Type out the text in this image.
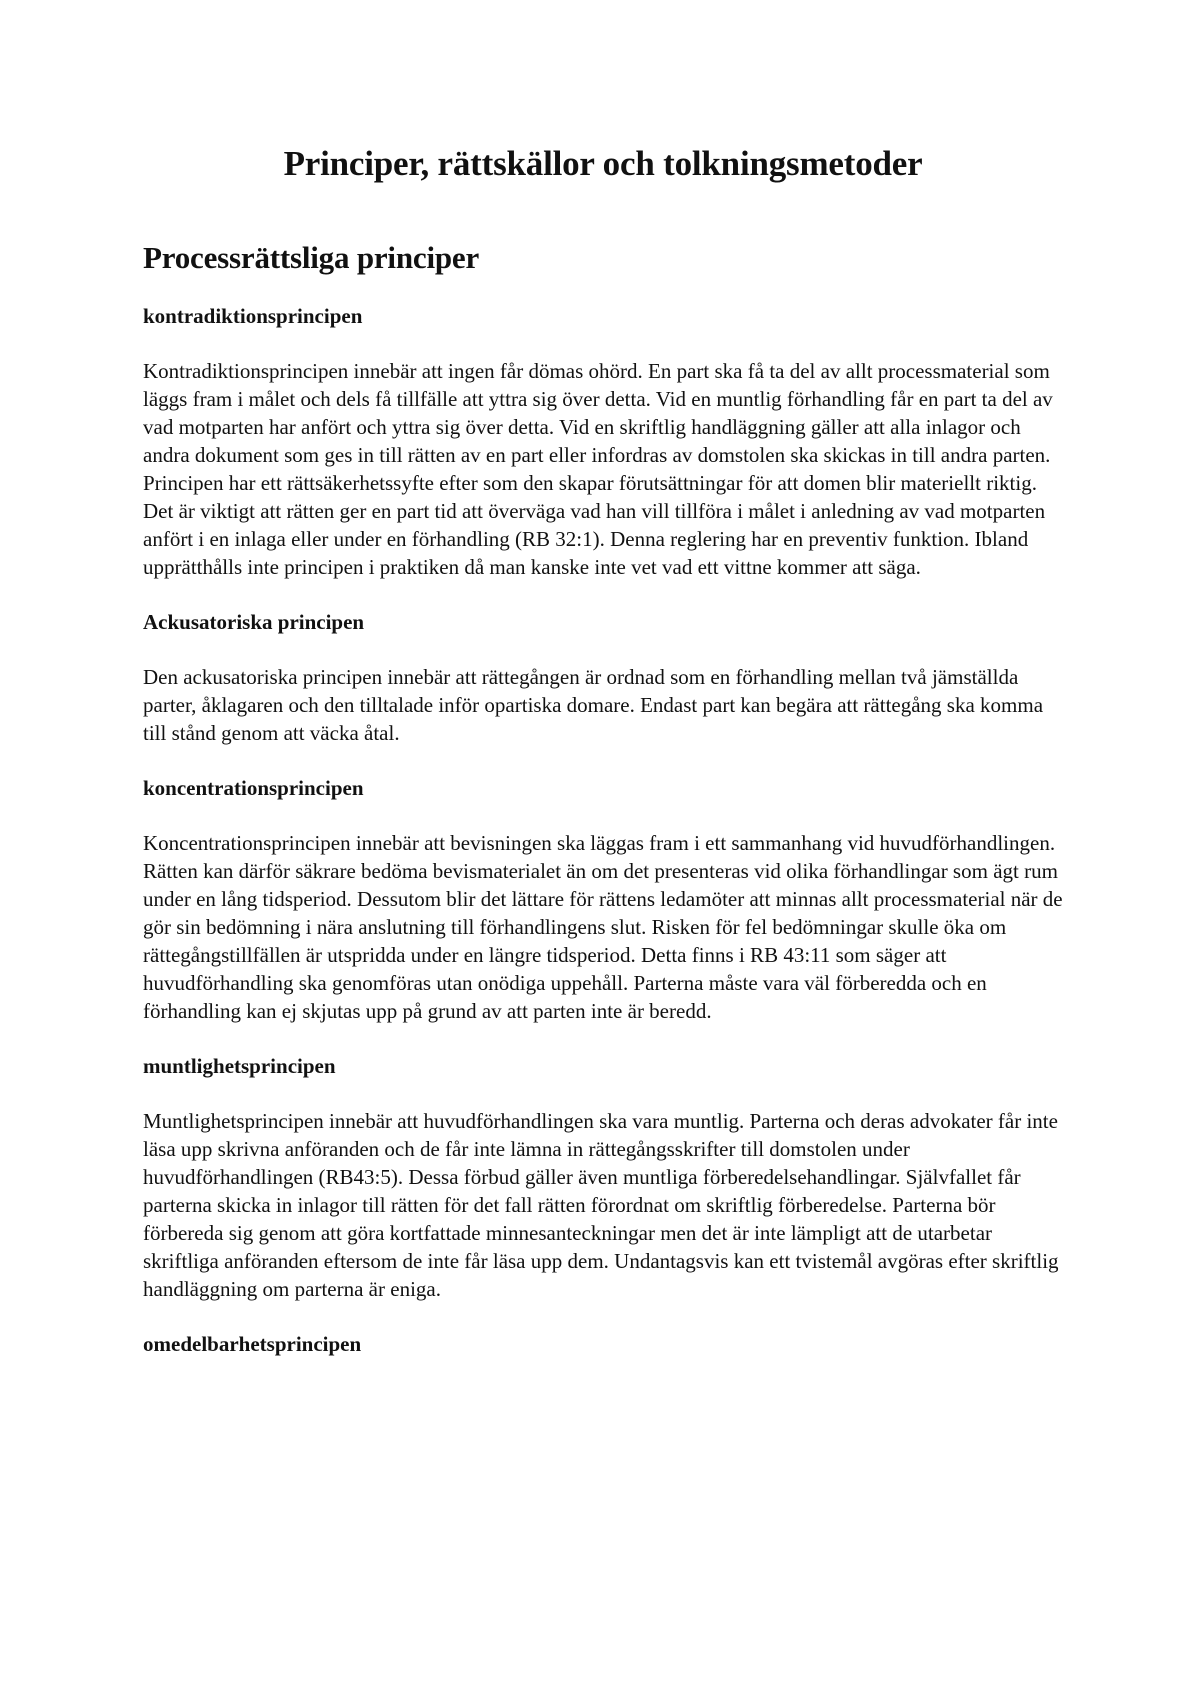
Principer, rättskällor och tolkningsmetoder
Processrättsliga principer

kontradiktionsprincipen

Kontradiktionsprincipen innebär att ingen får dömas ohörd. En part ska få ta del av allt processmaterial som läggs fram i målet och dels få tillfälle att yttra sig över detta. Vid en muntlig förhandling får en part ta del av vad motparten har anfört och yttra sig över detta. Vid en skriftlig handläggning gäller att alla inlagor och andra dokument som ges in till rätten av en part eller infordras av domstolen ska skickas in till andra parten. Principen har ett rättsäkerhetssyfte efter som den skapar förutsättningar för att domen blir materiellt riktig. Det är viktigt att rätten ger en part tid att överväga vad han vill tillföra i målet i anledning av vad motparten anfört i en inlaga eller under en förhandling (RB 32:1). Denna reglering har en preventiv funktion. Ibland upprätthålls inte principen i praktiken då man kanske inte vet vad ett vittne kommer att säga.

Ackusatoriska principen

Den ackusatoriska principen innebär att rättegången är ordnad som en förhandling mellan två jämställda parter, åklagaren och den tilltalade inför opartiska domare. Endast part kan begära att rättegång ska komma till stånd genom att väcka åtal.

koncentrationsprincipen

Koncentrationsprincipen innebär att bevisningen ska läggas fram i ett sammanhang vid huvudförhandlingen. Rätten kan därför säkrare bedöma bevismaterialet än om det presenteras vid olika förhandlingar som ägt rum under en lång tidsperiod. Dessutom blir det lättare för rättens ledamöter att minnas allt processmaterial när de gör sin bedömning i nära anslutning till förhandlingens slut. Risken för fel bedömningar skulle öka om rättegångstillfällen är utspridda under en längre tidsperiod. Detta finns i RB 43:11 som säger att huvudförhandling ska genomföras utan onödiga uppehåll. Parterna måste vara väl förberedda och en förhandling kan ej skjutas upp på grund av att parten inte är beredd.

muntlighetsprincipen

Muntlighetsprincipen innebär att huvudförhandlingen ska vara muntlig. Parterna och deras advokater får inte läsa upp skrivna anföranden och de får inte lämna in rättegångsskrifter till domstolen under huvudförhandlingen (RB43:5). Dessa förbud gäller även muntliga förberedelsehandlingar. Självfallet får parterna skicka in inlagor till rätten för det fall rätten förordnat om skriftlig förberedelse. Parterna bör förbereda sig genom att göra kortfattade minnesanteckningar men det är inte lämpligt att de utarbetar skriftliga anföranden eftersom de inte får läsa upp dem. Undantagsvis kan ett tvistemål avgöras efter skriftlig handläggning om parterna är eniga.

omedelbarhetsprincipen
